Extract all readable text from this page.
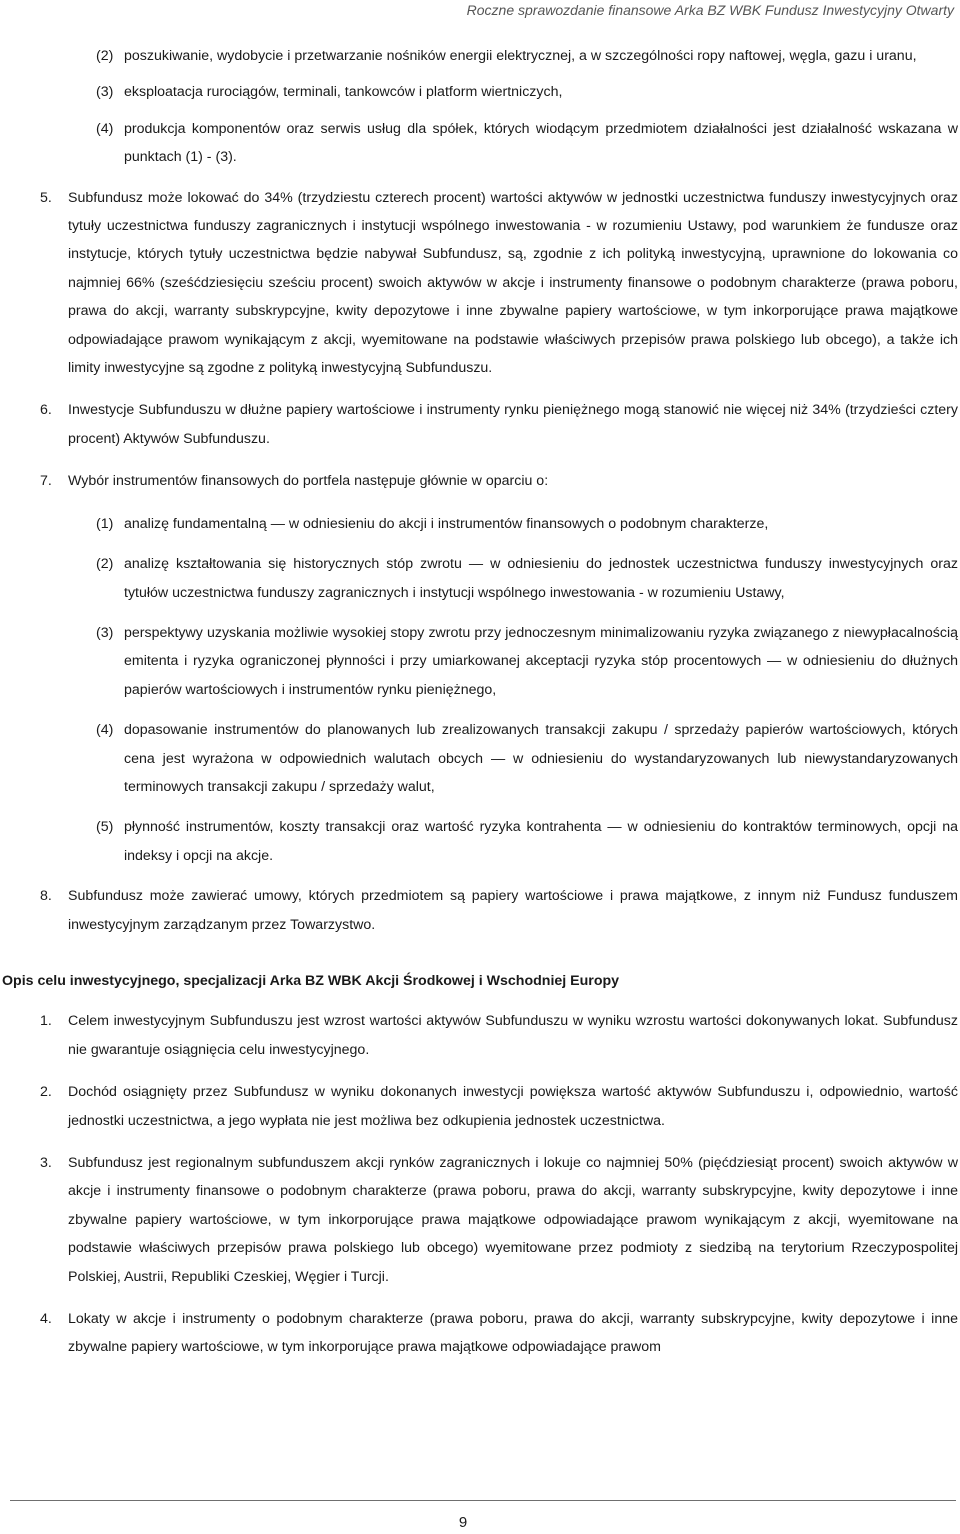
Roczne sprawozdanie finansowe Arka BZ WBK Fundusz Inwestycyjny Otwarty
(2) poszukiwanie, wydobycie i przetwarzanie nośników energii elektrycznej, a w szczególności ropy naftowej, węgla, gazu i uranu,
(3) eksploatacja rurociągów, terminali, tankowców i platform wiertniczych,
(4) produkcja komponentów oraz serwis usług dla spółek, których wiodącym przedmiotem działalności jest działalność wskazana w punktach (1) - (3).
5. Subfundusz może lokować do 34% (trzydziestu czterech procent) wartości aktywów w jednostki uczestnictwa funduszy inwestycyjnych oraz tytuły uczestnictwa funduszy zagranicznych i instytucji wspólnego inwestowania - w rozumieniu Ustawy, pod warunkiem że fundusze oraz instytucje, których tytuły uczestnictwa będzie nabywał Subfundusz, są, zgodnie z ich polityką inwestycyjną, uprawnione do lokowania co najmniej 66% (sześćdziesięciu sześciu procent) swoich aktywów w akcje i instrumenty finansowe o podobnym charakterze (prawa poboru, prawa do akcji, warranty subskrypcyjne, kwity depozytowe i inne zbywalne papiery wartościowe, w tym inkorporujące prawa majątkowe odpowiadające prawom wynikającym z akcji, wyemitowane na podstawie właściwych przepisów prawa polskiego lub obcego), a także ich limity inwestycyjne są zgodne z polityką inwestycyjną Subfunduszu.
6. Inwestycje Subfunduszu w dłużne papiery wartościowe i instrumenty rynku pieniężnego mogą stanowić nie więcej niż 34% (trzydzieści cztery procent) Aktywów Subfunduszu.
7. Wybór instrumentów finansowych do portfela następuje głównie w oparciu o:
(1) analizę fundamentalną — w odniesieniu do akcji i instrumentów finansowych o podobnym charakterze,
(2) analizę kształtowania się historycznych stóp zwrotu — w odniesieniu do jednostek uczestnictwa funduszy inwestycyjnych oraz tytułów uczestnictwa funduszy zagranicznych i instytucji wspólnego inwestowania - w rozumieniu Ustawy,
(3) perspektywy uzyskania możliwie wysokiej stopy zwrotu przy jednoczesnym minimalizowaniu ryzyka związanego z niewypłacalnością emitenta i ryzyka ograniczonej płynności i przy umiarkowanej akceptacji ryzyka stóp procentowych — w odniesieniu do dłużnych papierów wartościowych i instrumentów rynku pieniężnego,
(4) dopasowanie instrumentów do planowanych lub zrealizowanych transakcji zakupu / sprzedaży papierów wartościowych, których cena jest wyrażona w odpowiednich walutach obcych — w odniesieniu do wystandaryzowanych lub niewystandaryzowanych terminowych transakcji zakupu / sprzedaży walut,
(5) płynność instrumentów, koszty transakcji oraz wartość ryzyka kontrahenta — w odniesieniu do kontraktów terminowych, opcji na indeksy i opcji na akcje.
8. Subfundusz może zawierać umowy, których przedmiotem są papiery wartościowe i prawa majątkowe, z innym niż Fundusz funduszem inwestycyjnym zarządzanym przez Towarzystwo.
Opis celu inwestycyjnego, specjalizacji Arka BZ WBK Akcji Środkowej i Wschodniej Europy
1. Celem inwestycyjnym Subfunduszu jest wzrost wartości aktywów Subfunduszu w wyniku wzrostu wartości dokonywanych lokat. Subfundusz nie gwarantuje osiągnięcia celu inwestycyjnego.
2. Dochód osiągnięty przez Subfundusz w wyniku dokonanych inwestycji powiększa wartość aktywów Subfunduszu i, odpowiednio, wartość jednostki uczestnictwa, a jego wypłata nie jest możliwa bez odkupienia jednostek uczestnictwa.
3. Subfundusz jest regionalnym subfunduszem akcji rynków zagranicznych i lokuje co najmniej 50% (pięćdziesiąt procent) swoich aktywów w akcje i instrumenty finansowe o podobnym charakterze (prawa poboru, prawa do akcji, warranty subskrypcyjne, kwity depozytowe i inne zbywalne papiery wartościowe, w tym inkorporujące prawa majątkowe odpowiadające prawom wynikającym z akcji, wyemitowane na podstawie właściwych przepisów prawa polskiego lub obcego) wyemitowane przez podmioty z siedzibą na terytorium Rzeczypospolitej Polskiej, Austrii, Republiki Czeskiej, Węgier i Turcji.
4. Lokaty w akcje i instrumenty o podobnym charakterze (prawa poboru, prawa do akcji, warranty subskrypcyjne, kwity depozytowe i inne zbywalne papiery wartościowe, w tym inkorporujące prawa majątkowe odpowiadające prawom
9
